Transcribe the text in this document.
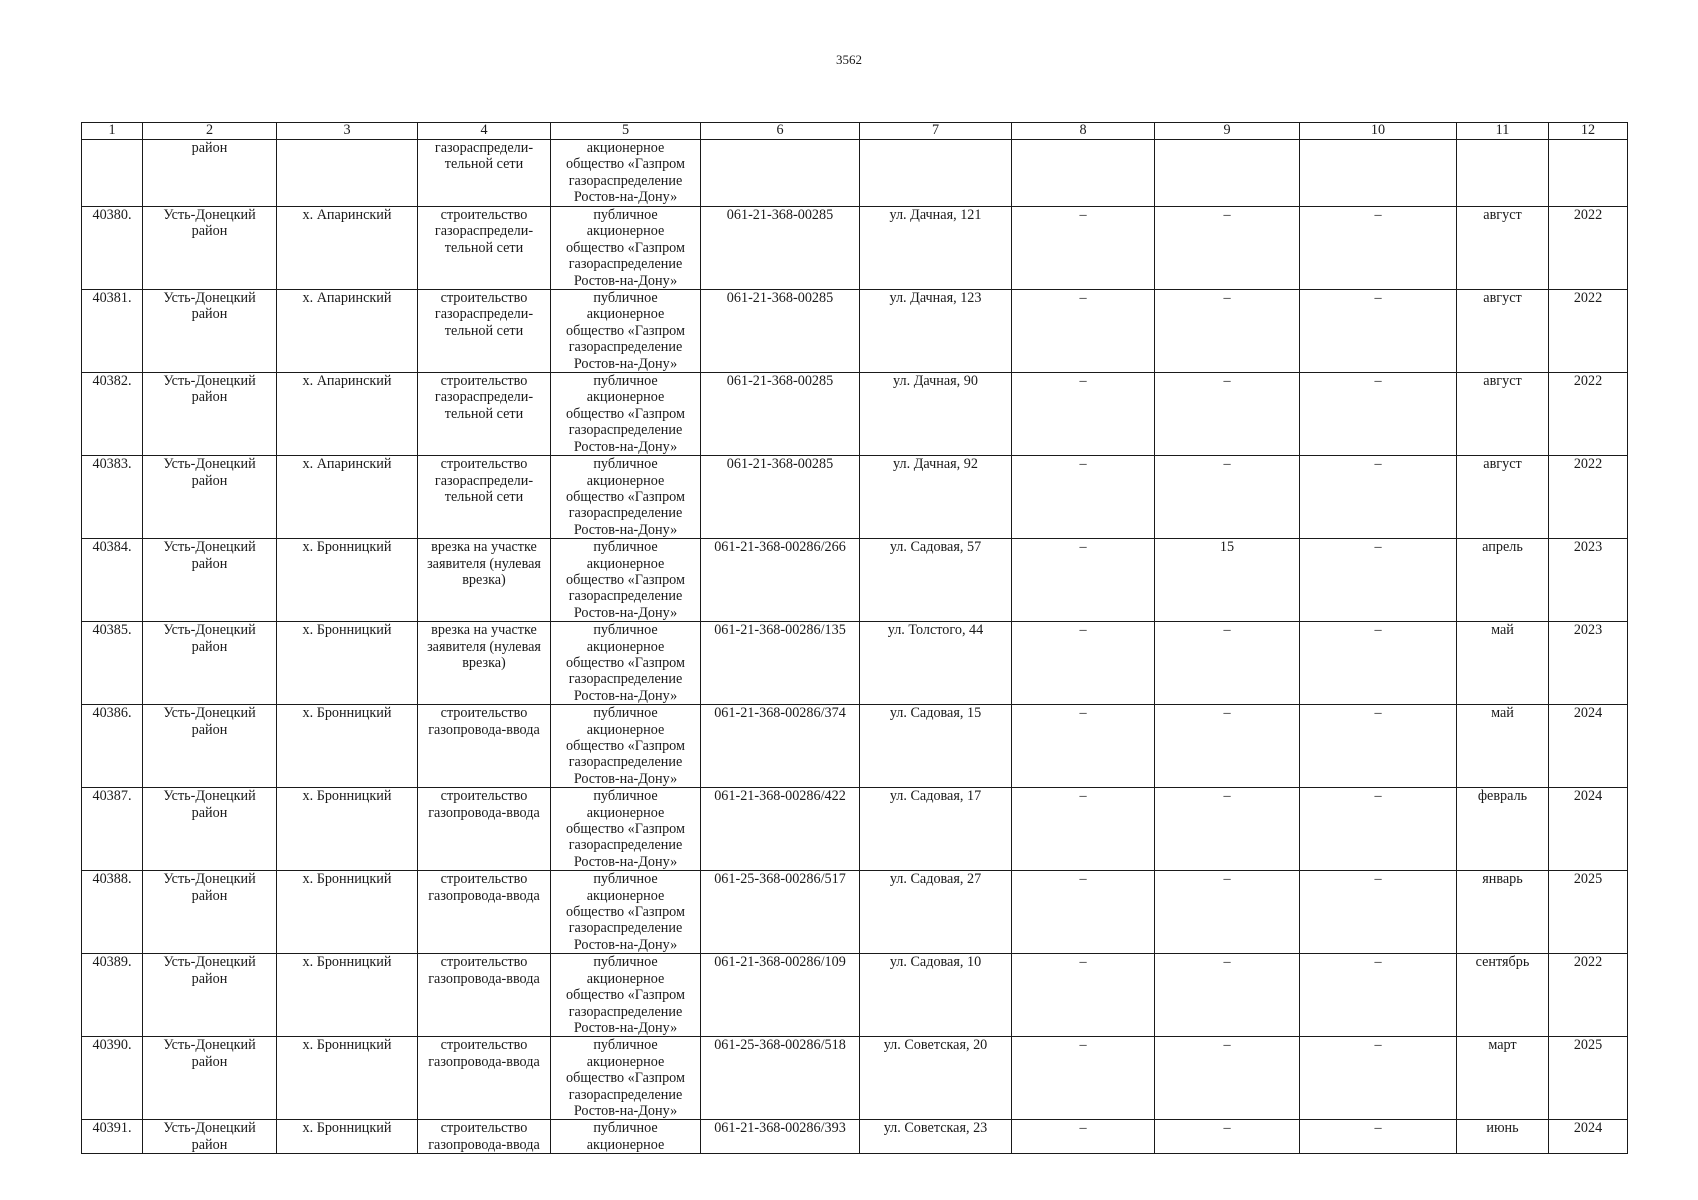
3562
1	2	3	4	5	6	7	8	9	10	11	12
	район		газораспредели-
тельной сети	акционерное
общество «Газпром
газораспределение
Ростов-на-Дону»							
40380.	Усть-Донецкий
район	х. Апаринский	строительство
газораспредели-
тельной сети	публичное
акционерное
общество «Газпром
газораспределение
Ростов-на-Дону»	061-21-368-00285	ул. Дачная, 121	–	–	–	август	2022
40381.	Усть-Донецкий
район	х. Апаринский	строительство
газораспредели-
тельной сети	публичное
акционерное
общество «Газпром
газораспределение
Ростов-на-Дону»	061-21-368-00285	ул. Дачная, 123	–	–	–	август	2022
40382.	Усть-Донецкий
район	х. Апаринский	строительство
газораспредели-
тельной сети	публичное
акционерное
общество «Газпром
газораспределение
Ростов-на-Дону»	061-21-368-00285	ул. Дачная, 90	–	–	–	август	2022
40383.	Усть-Донецкий
район	х. Апаринский	строительство
газораспредели-
тельной сети	публичное
акционерное
общество «Газпром
газораспределение
Ростов-на-Дону»	061-21-368-00285	ул. Дачная, 92	–	–	–	август	2022
40384.	Усть-Донецкий
район	х. Бронницкий	врезка на участке
заявителя (нулевая
врезка)	публичное
акционерное
общество «Газпром
газораспределение
Ростов-на-Дону»	061-21-368-00286/266	ул. Садовая, 57	–	15	–	апрель	2023
40385.	Усть-Донецкий
район	х. Бронницкий	врезка на участке
заявителя (нулевая
врезка)	публичное
акционерное
общество «Газпром
газораспределение
Ростов-на-Дону»	061-21-368-00286/135	ул. Толстого, 44	–	–	–	май	2023
40386.	Усть-Донецкий
район	х. Бронницкий	строительство
газопровода-ввода	публичное
акционерное
общество «Газпром
газораспределение
Ростов-на-Дону»	061-21-368-00286/374	ул. Садовая, 15	–	–	–	май	2024
40387.	Усть-Донецкий
район	х. Бронницкий	строительство
газопровода-ввода	публичное
акционерное
общество «Газпром
газораспределение
Ростов-на-Дону»	061-21-368-00286/422	ул. Садовая, 17	–	–	–	февраль	2024
40388.	Усть-Донецкий
район	х. Бронницкий	строительство
газопровода-ввода	публичное
акционерное
общество «Газпром
газораспределение
Ростов-на-Дону»	061-25-368-00286/517	ул. Садовая, 27	–	–	–	январь	2025
40389.	Усть-Донецкий
район	х. Бронницкий	строительство
газопровода-ввода	публичное
акционерное
общество «Газпром
газораспределение
Ростов-на-Дону»	061-21-368-00286/109	ул. Садовая, 10	–	–	–	сентябрь	2022
40390.	Усть-Донецкий
район	х. Бронницкий	строительство
газопровода-ввода	публичное
акционерное
общество «Газпром
газораспределение
Ростов-на-Дону»	061-25-368-00286/518	ул. Советская, 20	–	–	–	март	2025
40391.	Усть-Донецкий
район	х. Бронницкий	строительство
газопровода-ввода	публичное
акционерное	061-21-368-00286/393	ул. Советская, 23	–	–	–	июнь	2024
